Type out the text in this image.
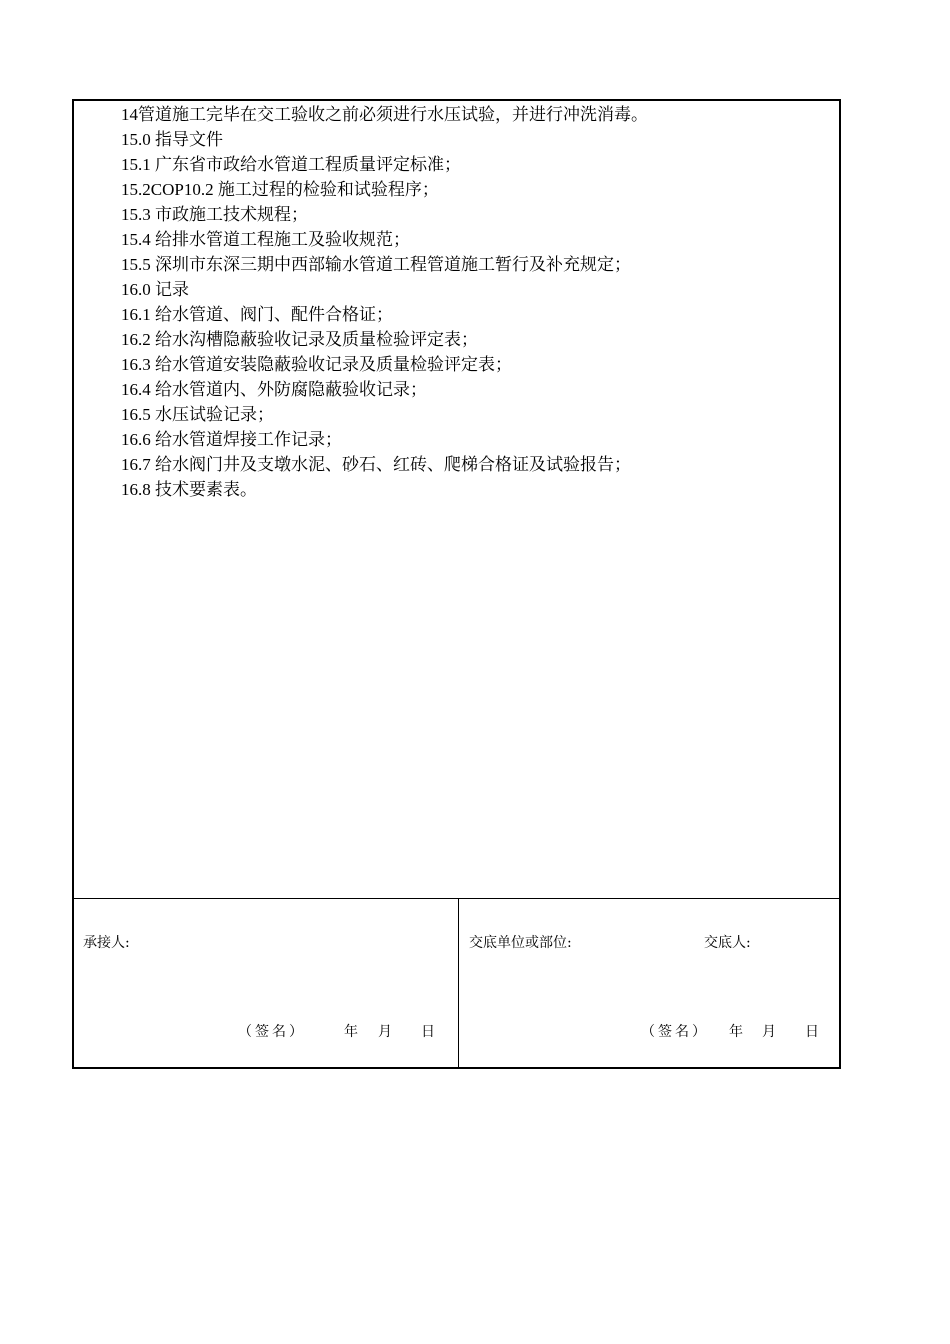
14管道施工完毕在交工验收之前必须进行水压试验，并进行冲洗消毒。
15.0 指导文件
15.1 广东省市政给水管道工程质量评定标准；
15.2COP10.2 施工过程的检验和试验程序；
15.3 市政施工技术规程；
15.4 给排水管道工程施工及验收规范；
15.5 深圳市东深三期中西部输水管道工程管道施工暂行及补充规定；
16.0 记录
16.1 给水管道、阀门、配件合格证；
16.2 给水沟槽隐蔽验收记录及质量检验评定表；
16.3 给水管道安装隐蔽验收记录及质量检验评定表；
16.4 给水管道内、外防腐隐蔽验收记录；
16.5 水压试验记录；
16.6 给水管道焊接工作记录；
16.7 给水阀门井及支墩水泥、砂石、红砖、爬梯合格证及试验报告；
16.8 技术要素表。
承接人:
（签名）	年 月 日
交底单位或部位:	交底人:
（签名） 年 月 日
